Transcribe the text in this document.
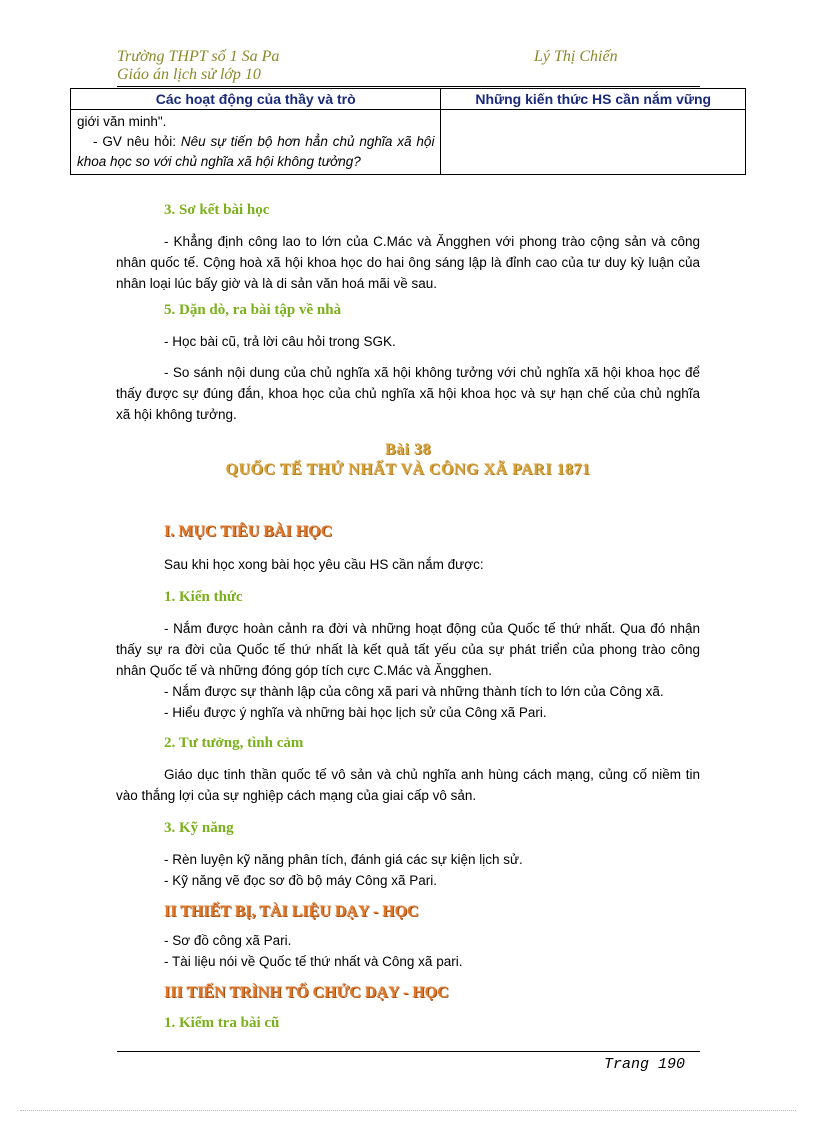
Trường THPT số 1 Sa Pa
Giáo án lịch sử lớp 10
Lý Thị Chiến
Các hoạt động của thầy và trò	Những kiến thức HS cần nắm vững

giới văn minh".
- GV nêu hỏi: Nêu sự tiến bộ hơn hẳn chủ nghĩa xã hội khoa học so với chủ nghĩa xã hội không tưởng?	

3. Sơ kết bài học

- Khẳng định công lao to lớn của C.Mác và Ăngghen với phong trào cộng sản và công nhân quốc tế. Cộng hoà xã hội khoa học do hai ông sáng lập là đỉnh cao của tư duy kỳ luận của nhân loại lúc bấy giờ và là di sản văn hoá mãi về sau.

5. Dặn dò, ra bài tập về nhà

- Học bài cũ, trả lời câu hỏi trong SGK.

- So sánh nội dung của chủ nghĩa xã hội không tưởng với chủ nghĩa xã hội khoa học để thấy được sự đúng đắn, khoa học của chủ nghĩa xã hội khoa học và sự hạn chế của chủ nghĩa xã hội không tưởng.

Bài 38
QUỐC TẾ THỨ NHẤT VÀ CÔNG XÃ PARI 1871
I. MỤC TIÊU BÀI HỌC

Sau khi học xong bài học yêu cầu HS cần nắm được:

1. Kiến thức

- Nắm được hoàn cảnh ra đời và những hoạt động của Quốc tế thứ nhất. Qua đó nhận thấy sự ra đời của Quốc tế thứ nhất là kết quả tất yếu của sự phát triển của phong trào công nhân Quốc tế và những đóng góp tích cực C.Mác và Ăngghen.

- Nắm được sự thành lập của công xã pari và những thành tích to lớn của Công xã.

- Hiểu được ý nghĩa và những bài học lịch sử của Công xã Pari.

2. Tư tưởng, tình cảm

Giáo dục tinh thần quốc tế vô sản và chủ nghĩa anh hùng cách mạng, củng cố niềm tin vào thắng lợi của sự nghiệp cách mạng của giai cấp vô sản.

3. Kỹ năng

- Rèn luyện kỹ năng phân tích, đánh giá các sự kiện lịch sử.

- Kỹ năng vẽ đọc sơ đồ bộ máy Công xã Pari.

II THIẾT BỊ, TÀI LIỆU DẠY - HỌC

- Sơ đồ công xã Pari.

- Tài liệu nói về Quốc tế thứ nhất và Công xã pari.

III TIẾN TRÌNH TỔ CHỨC DẠY - HỌC
1. Kiểm tra bài cũ
Trang 190
